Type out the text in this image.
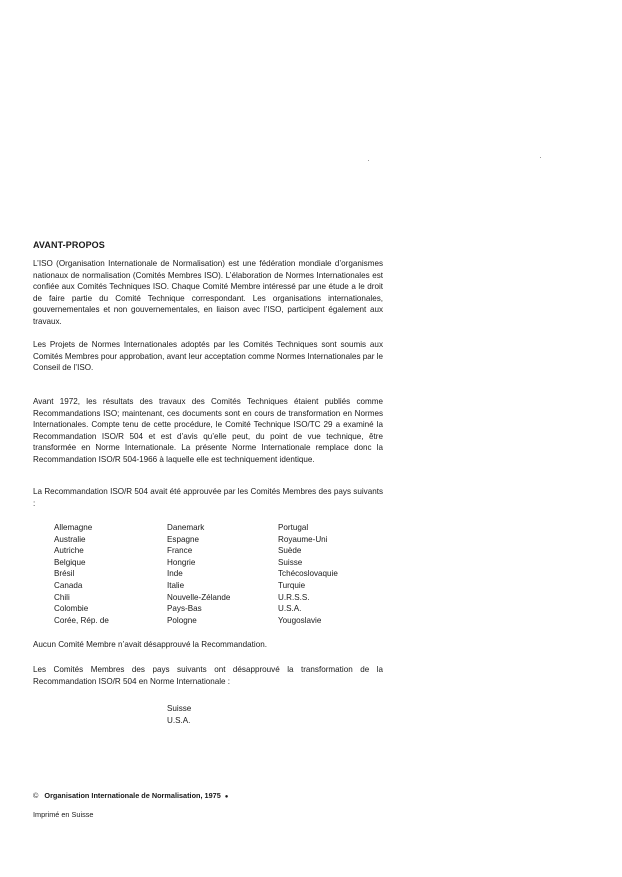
AVANT-PROPOS

L’ISO (Organisation Internationale de Normalisation) est une fédération mondiale d’organismes nationaux de normalisation (Comités Membres ISO). L’élaboration de Normes Internationales est confiée aux Comités Techniques ISO. Chaque Comité Membre intéressé par une étude a le droit de faire partie du Comité Technique correspondant. Les organisations internationales, gouvernementales et non gouvernementales, en liaison avec l’ISO, participent également aux travaux.

Les Projets de Normes Internationales adoptés par les Comités Techniques sont soumis aux Comités Membres pour approbation, avant leur acceptation comme Normes Internationales par le Conseil de l’ISO.

Avant 1972, les résultats des travaux des Comités Techniques étaient publiés comme Recommandations ISO; maintenant, ces documents sont en cours de transformation en Normes Internationales. Compte tenu de cette procédure, le Comité Technique ISO/TC 29 a examiné la Recommandation ISO/R 504 et est d’avis qu’elle peut, du point de vue technique, être transformée en Norme Internationale. La présente Norme Internationale remplace donc la Recommandation ISO/R 504-1966 à laquelle elle est techniquement identique.

La Recommandation ISO/R 504 avait été approuvée par les Comités Membres des pays suivants :

Allemagne
Australie
Autriche
Belgique
Brésil
Canada
Chili
Colombie
Corée, Rép. de
Danemark
Espagne
France
Hongrie
Inde
Italie
Nouvelle-Zélande
Pays-Bas
Pologne
Portugal
Royaume-Uni
Suède
Suisse
Tchécoslovaquie
Turquie
U.R.S.S.
U.S.A.
Yougoslavie

Aucun Comité Membre n’avait désapprouvé la Recommandation.

Les Comités Membres des pays suivants ont désapprouvé la transformation de la Recommandation ISO/R 504 en Norme Internationale :

Suisse
U.S.A.
© Organisation Internationale de Normalisation, 1975 ●
Imprimé en Suisse
